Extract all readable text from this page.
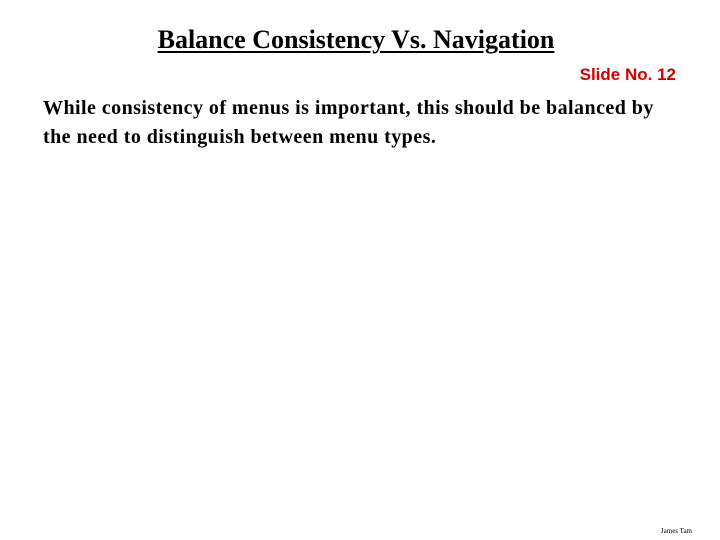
Balance Consistency Vs. Navigation
Slide No. 12

While consistency of menus is important, this should be balanced by the need to distinguish between menu types.

James Tam
